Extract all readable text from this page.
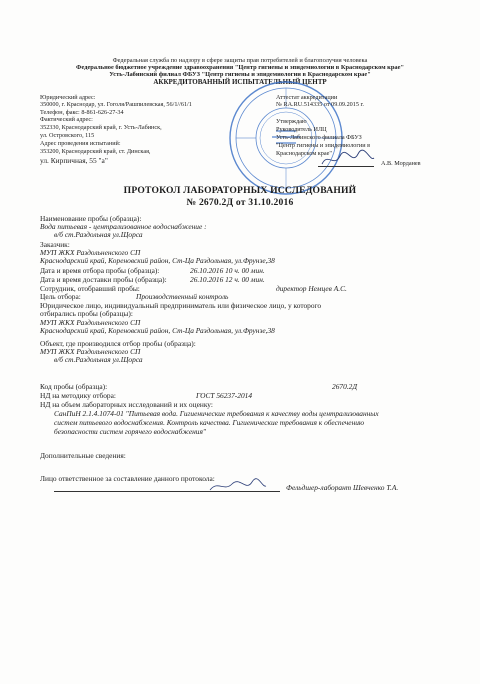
Федеральная служба по надзору в сфере защиты прав потребителей и благополучия человека
Федеральное бюджетное учреждение здравоохранения "Центр гигиены и эпидемиологии в Краснодарском крае"
Усть-Лабинский филиал ФБУЗ "Центр гигиены и эпидемиологии в Краснодарском крае"
АККРЕДИТОВАННЫЙ ИСПЫТАТЕЛЬНЫЙ ЦЕНТР
Юридический адрес:
350000, г. Краснодар, ул. Гоголя/Рашпилевская, 56/1//61/1
Телефон, факс: 8-861-626-27-34
Фактический адрес:
352330, Краснодарский край, г. Усть-Лабинск,
ул. Островского, 115
Адрес проведения испытаний:
353200, Краснодарский край, ст. Динская,
ул. Кирпичная, 55 "а"
Аттестат аккредитации
№ RA.RU.514335 от 09.09.2015 г.
Утверждаю
Руководитель ИЛЦ
Усть-Лабинского филиала ФБУЗ
"Центр гигиены и эпидемиологии в
Краснодарском крае"
А.В. Морданев
ПРОТОКОЛ ЛАБОРАТОРНЫХ ИССЛЕДОВАНИЙ
№ 2670.2Д от 31.10.2016
Наименование пробы (образца):
Вода питьевая - централизованное водоснабжение :
в/б ст.Раздольная ул.Щорса
Заказчик:
МУП ЖКХ Раздольненского СП
Краснодарский край, Кореновский район, Ст-Ца Раздольная, ул.Фрунзе,38
Дата и время отбора пробы (образца):	26.10.2016 10 ч. 00 мин.
Дата и время доставки пробы (образца):	26.10.2016 12 ч. 00 мин.
Сотрудник, отобравший пробы:	директор Немцев А.С.
Цель отбора:	Производственный контроль
Юридическое лицо, индивидуальный предприниматель или физическое лицо, у которого
отбирались пробы (образцы):
МУП ЖКХ Раздольненского СП
Краснодарский край, Кореновский район, Ст-Ца Раздольная, ул.Фрунзе,38
Объект, где производился отбор пробы (образца):
МУП ЖКХ Раздольненского СП
в/б ст.Раздольная ул.Щорса
Код пробы (образца):	2670.2Д
НД на методику отбора:	ГОСТ 56237-2014
НД на объем лабораторных исследований и их оценку:
СанПиН 2.1.4.1074-01 "Питьевая вода. Гигиенические требования к качеству воды централизованных
систем питьевого водоснабжения. Контроль качества. Гигиенические требования к обеспечению
безопасности систем горячего водоснабжения"
Дополнительные сведения:
Лицо ответственное за составление данного протокола:
Фельдшер-лаборант Шевченко Т.А.
